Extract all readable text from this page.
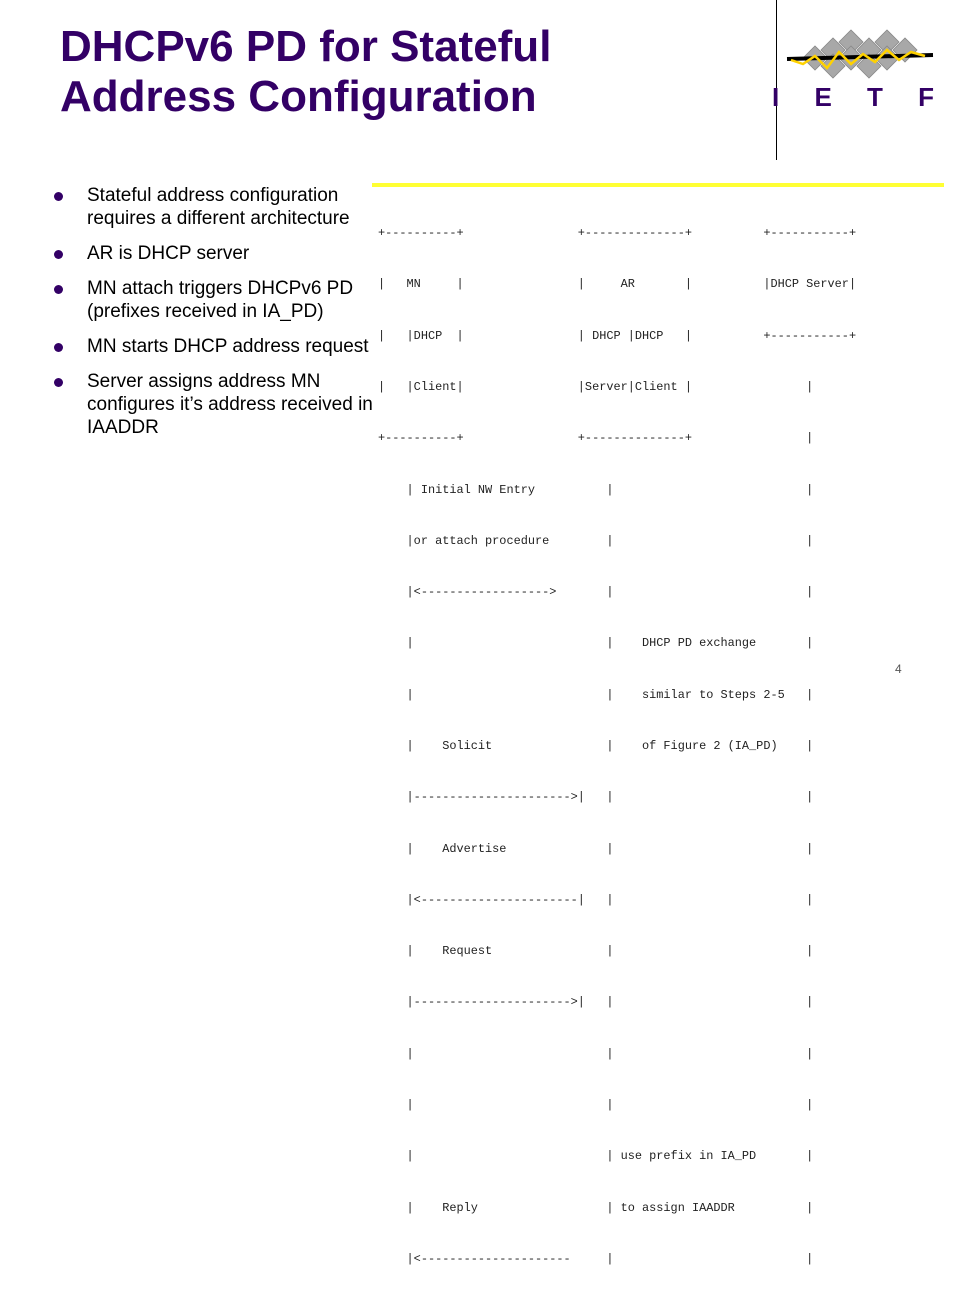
DHCPv6 PD for Stateful
Address Configuration	I E T F
Stateful address configuration requires a different architecture
AR is DHCP server
MN attach triggers DHCPv6 PD (prefixes received in IA_PD)
MN starts DHCP address request
Server assigns address MN configures it’s address received in IAADDR

+----------+                +--------------+          +-----------+

|   MN     |                |     AR       |          |DHCP Server|

|   |DHCP  |                | DHCP |DHCP   |          +-----------+

|   |Client|                |Server|Client |                |

+----------+                +--------------+                |

| Initial NW Entry          |                           |

|or attach procedure        |                           |

|<------------------>       |                           |

|                           |    DHCP PD exchange       |

|                           |    similar to Steps 2-5   |

|    Solicit                |    of Figure 2 (IA_PD)    |

|---------------------->|   |                           |

|    Advertise              |                           |

|<----------------------|   |                           |

|    Request                |                           |

|---------------------->|   |                           |

|                           |                           |

|                           |                           |

|                           | use prefix in IA_PD       |

|    Reply                  | to assign IAADDR          |

|<---------------------     |                           |

4
